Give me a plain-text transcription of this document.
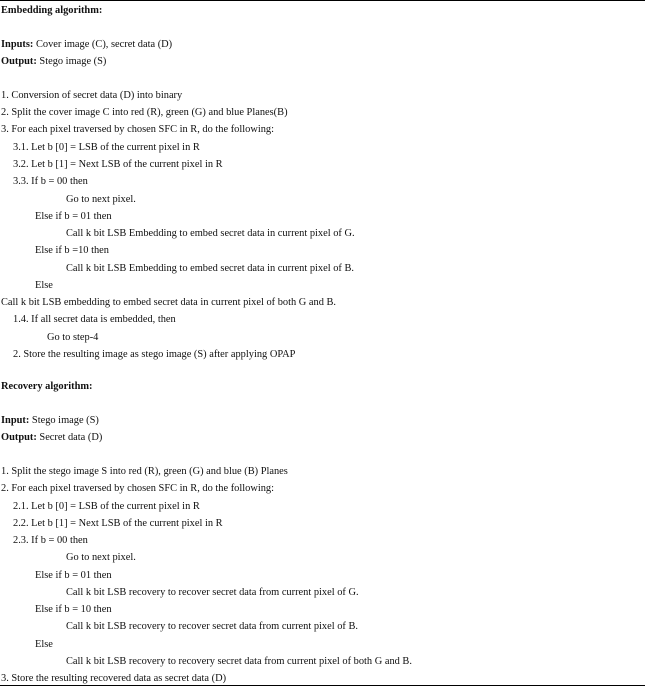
Embedding algorithm:
Inputs: Cover image (C), secret data (D)
Output: Stego image (S)
1. Conversion of secret data (D) into binary
2. Split the cover image C into red (R), green (G) and blue Planes(B)
3. For each pixel traversed by chosen SFC in R, do the following:
3.1. Let b [0] = LSB of the current pixel in R
3.2. Let b [1] = Next LSB of the current pixel in R
3.3. If b = 00 then
Go to next pixel.
Else if b = 01 then
Call k bit LSB Embedding to embed secret data in current pixel of G.
Else if b =10 then
Call k bit LSB Embedding to embed secret data in current pixel of B.
Else
Call k bit LSB embedding to embed secret data in current pixel of both G and B.
1.4. If all secret data is embedded, then
Go to step-4
2. Store the resulting image as stego image (S) after applying OPAP
Recovery algorithm:
Input: Stego image (S)
Output: Secret data (D)
1. Split the stego image S into red (R), green (G) and blue (B) Planes
2. For each pixel traversed by chosen SFC in R, do the following:
2.1. Let b [0] = LSB of the current pixel in R
2.2. Let b [1] = Next LSB of the current pixel in R
2.3. If b = 00 then
Go to next pixel.
Else if b = 01 then
Call k bit LSB recovery to recover secret data from current pixel of G.
Else if b = 10 then
Call k bit LSB recovery to recover secret data from current pixel of B.
Else
Call k bit LSB recovery to recovery secret data from current pixel of both G and B.
3. Store the resulting recovered data as secret data (D)
